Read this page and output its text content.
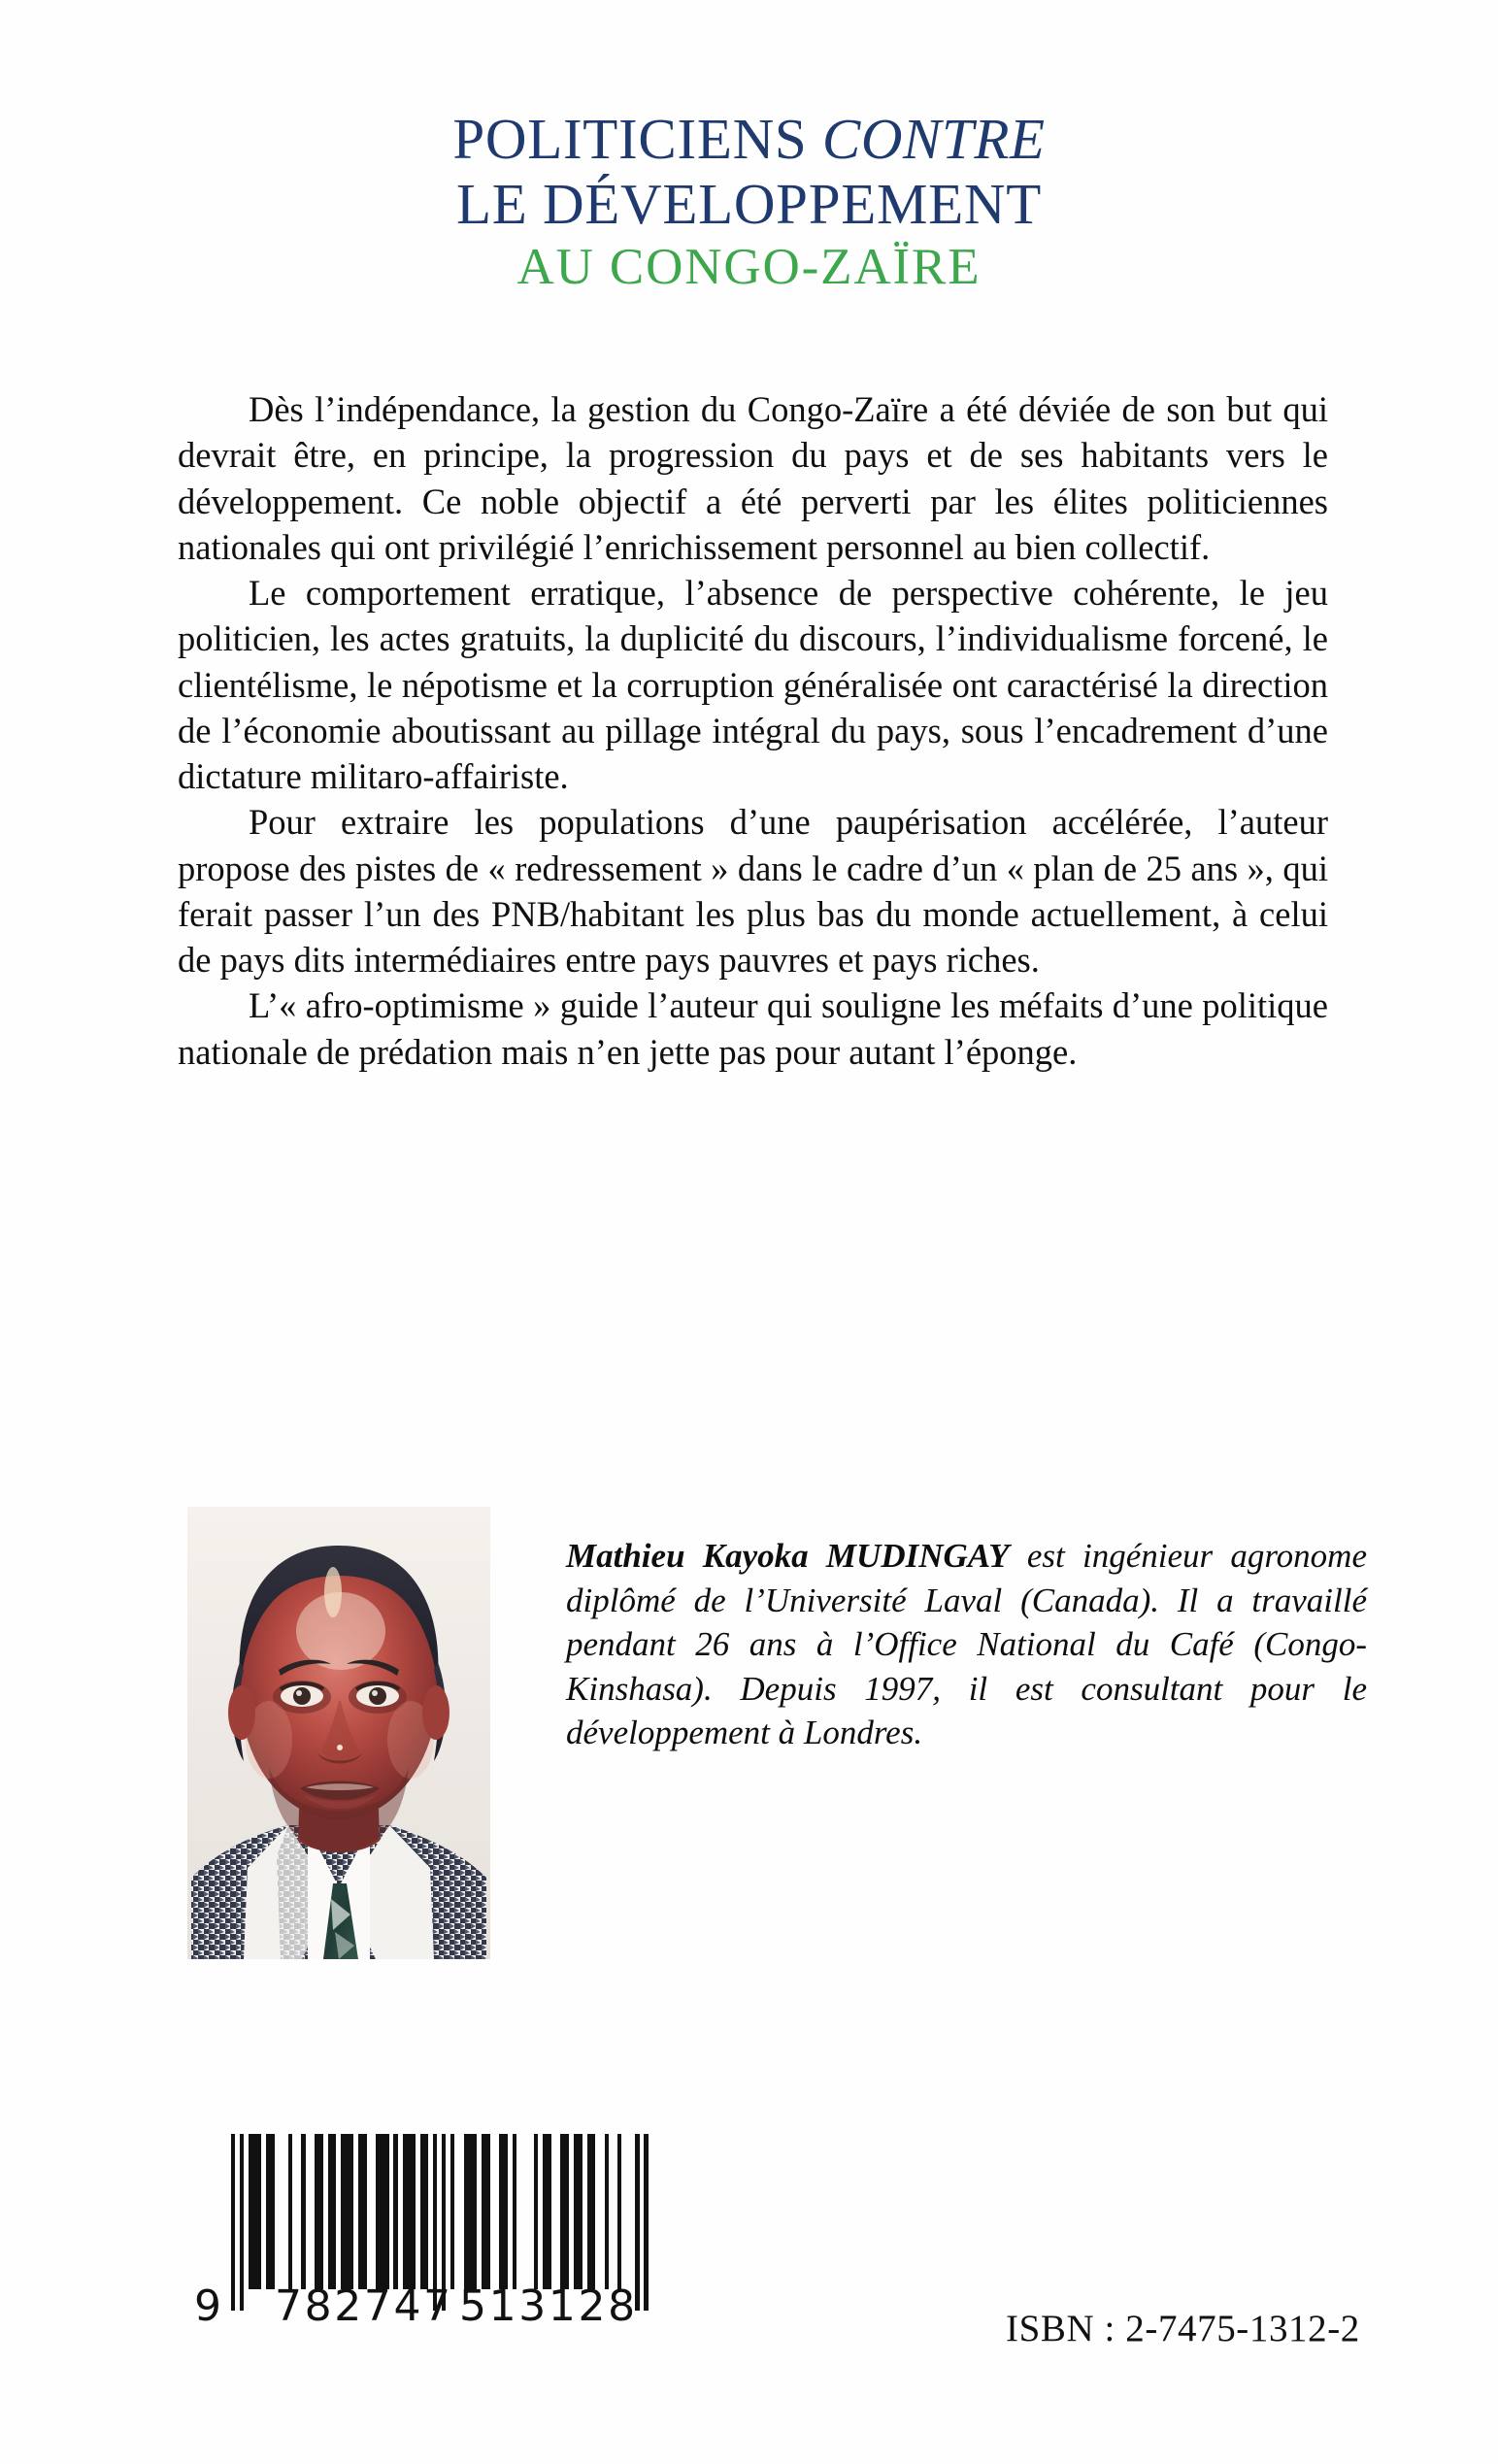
POLITICIENS CONTRE
LE DÉVELOPPEMENT
AU CONGO-ZAÏRE

Dès l’indépendance, la gestion du Congo-Zaïre a été déviée de son but qui devrait être, en principe, la progression du pays et de ses habitants vers le développement. Ce noble objectif a été perverti par les élites politiciennes nationales qui ont privilégié l’enrichissement personnel au bien collectif.

Le comportement erratique, l’absence de perspective cohérente, le jeu politicien, les actes gratuits, la duplicité du discours, l’individualisme forcené, le clientélisme, le népotisme et la corruption généralisée ont caractérisé la direction de l’économie aboutissant au pillage intégral du pays, sous l’encadrement d’une dictature militaro-affairiste.

Pour extraire les populations d’une paupérisation accélérée, l’auteur propose des pistes de « redressement » dans le cadre d’un « plan de 25 ans », qui ferait passer l’un des PNB/habitant les plus bas du monde actuellement, à celui de pays dits intermédiaires entre pays pauvres et pays riches.

L’« afro-optimisme » guide l’auteur qui souligne les méfaits d’une politique nationale de prédation mais n’en jette pas pour autant l’éponge.

Mathieu Kayoka MUDINGAY est ingénieur agronome diplômé de l’Université Laval (Canada). Il a travaillé pendant 26 ans à l’Office National du Café (Congo-Kinshasa). Depuis 1997, il est consultant pour le développement à Londres.

9 782747 513128	ISBN : 2-7475-1312-2
